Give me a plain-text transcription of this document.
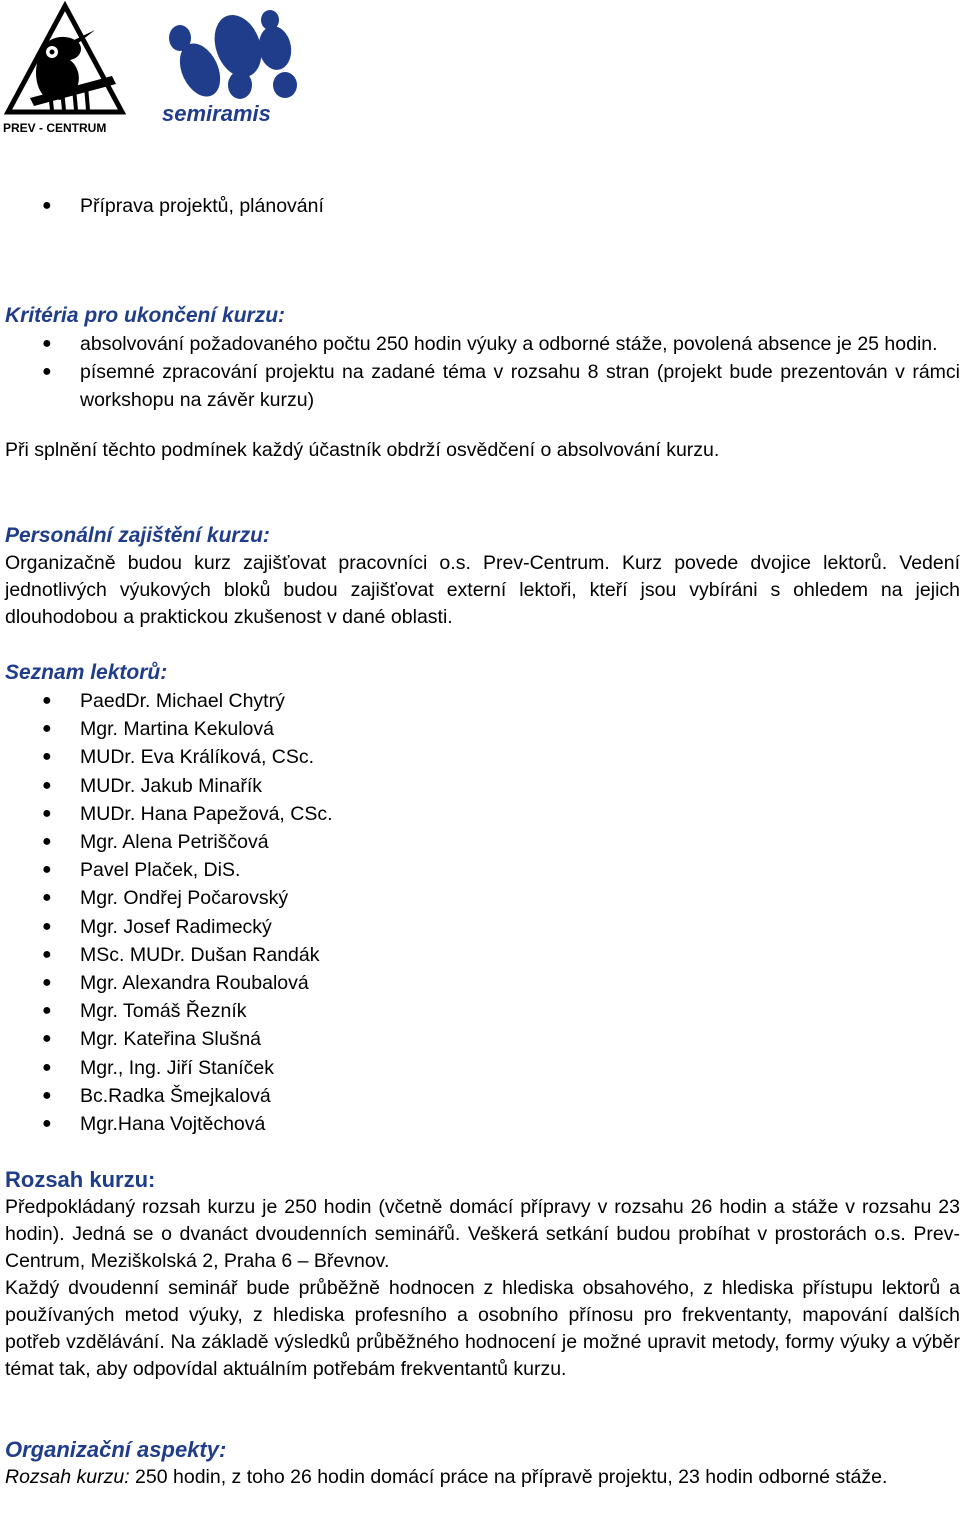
PREV - CENTRUM
semiramis
● Příprava projektů, plánování
Kritéria pro ukončení kurzu:
● absolvování požadovaného počtu 250 hodin výuky a odborné stáže, povolená absence je 25 hodin.
● písemné zpracování projektu na zadané téma v rozsahu 8 stran (projekt bude prezentován v rámci workshopu na závěr kurzu)

Při splnění těchto podmínek každý účastník obdrží osvědčení o absolvování kurzu.

Personální zajištění kurzu:

Organizačně budou kurz zajišťovat pracovníci o.s. Prev-Centrum. Kurz povede dvojice lektorů. Vedení jednotlivých výukových bloků budou zajišťovat externí lektoři, kteří jsou vybíráni s ohledem na jejich dlouhodobou a praktickou zkušenost v dané oblasti.

Seznam lektorů:
● PaedDr. Michael Chytrý
● Mgr. Martina Kekulová
● MUDr. Eva Králíková, CSc.
● MUDr. Jakub Minařík
● MUDr. Hana Papežová, CSc.
● Mgr. Alena Petriščová
● Pavel Plaček, DiS.
● Mgr. Ondřej Počarovský
● Mgr. Josef Radimecký
● MSc. MUDr. Dušan Randák
● Mgr. Alexandra Roubalová
● Mgr. Tomáš Řezník
● Mgr. Kateřina Slušná
● Mgr., Ing. Jiří Staníček
● Bc.Radka Šmejkalová
● Mgr.Hana Vojtěchová
Rozsah kurzu:

Předpokládaný rozsah kurzu je 250 hodin (včetně domácí přípravy v rozsahu 26 hodin a stáže v rozsahu 23 hodin). Jedná se o dvanáct dvoudenních seminářů. Veškerá setkání budou probíhat v prostorách o.s. Prev-Centrum, Meziškolská 2, Praha 6 – Břevnov.

Každý dvoudenní seminář bude průběžně hodnocen z hlediska obsahového, z hlediska přístupu lektorů a používaných metod výuky, z hlediska profesního a osobního přínosu pro frekventanty, mapování dalších potřeb vzdělávání. Na základě výsledků průběžného hodnocení je možné upravit metody, formy výuky a výběr témat tak, aby odpovídal aktuálním potřebám frekventantů kurzu.

Organizační aspekty:

Rozsah kurzu: 250 hodin, z toho 26 hodin domácí práce na přípravě projektu, 23 hodin odborné stáže.
